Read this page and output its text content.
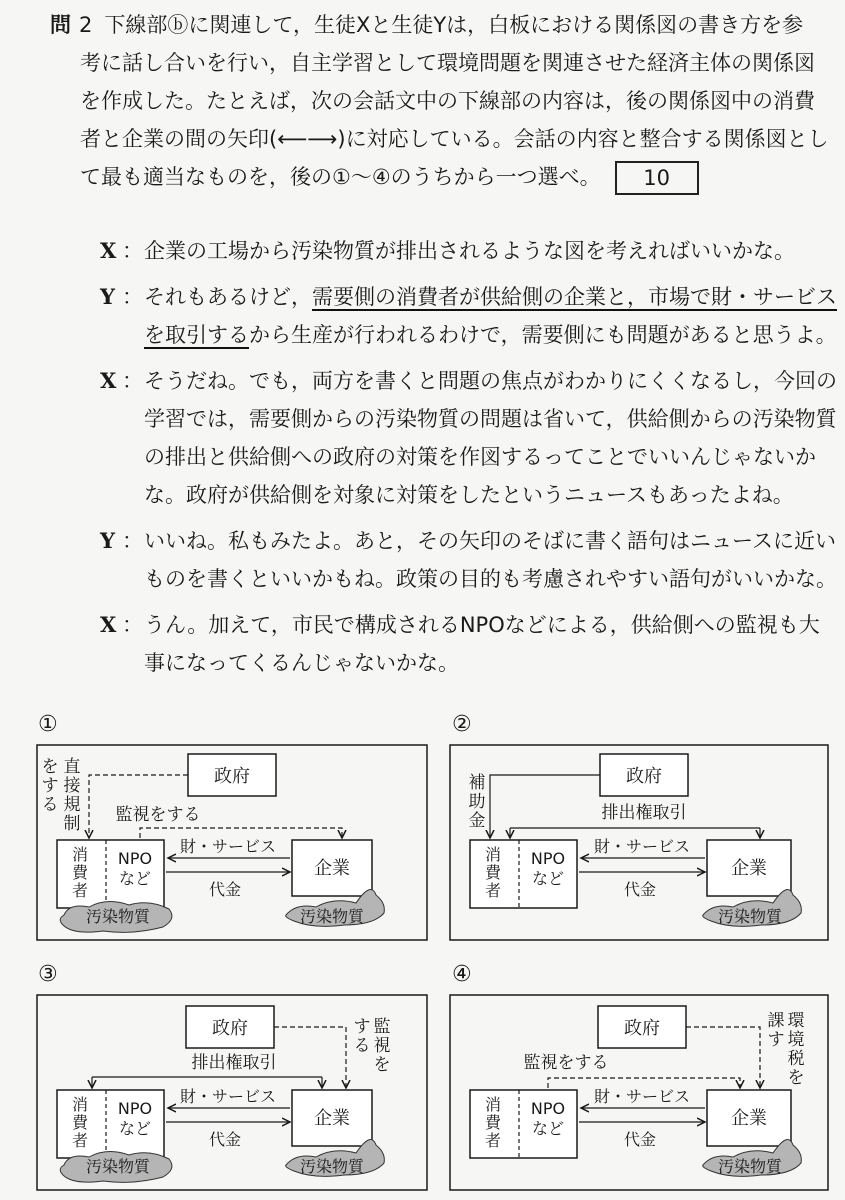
問 2 下線部ⓑに関連して，生徒Xと生徒Yは，白板における関係図の書き方を参
考に話し合いを行い，自主学習として環境問題を関連させた経済主体の関係図
を作成した。たとえば，次の会話文中の下線部の内容は，後の関係図中の消費
者と企業の間の矢印(⟵⟶)に対応している。会話の内容と整合する関係図とし
て最も適当なものを，後の①～④のうちから一つ選べ。 10
X ： 企業の工場から汚染物質が排出されるような図を考えればいいかな。
Y ： それもあるけど，需要側の消費者が供給側の企業と，市場で財・サービス
を取引するから生産が行われるわけで，需要側にも問題があると思うよ。
X ： そうだね。でも，両方を書くと問題の焦点がわかりにくくなるし，今回の
学習では，需要側からの汚染物質の問題は省いて，供給側からの汚染物質
の排出と供給側への政府の対策を作図するってことでいいんじゃないか
な。政府が供給側を対象に対策をしたというニュースもあったよね。
Y ： いいね。私もみたよ。あと，その矢印のそばに書く語句はニュースに近い
ものを書くといいかもね。政策の目的も考慮されやすい語句がいいかな。
X ： うん。加えて，市民で構成されるNPOなどによる，供給側への監視も大
事になってくるんじゃないかな。
①	②
③	④
政府
直接規制
をする	監視をする
消費者
NPO
など	企業
財・サービス
代金
汚染物質	汚染物質
政府
補助金	排出権取引
消費者
NPO
など	企業
財・サービス
代金
汚染物質
政府	監視を
する
排出権取引
消費者
NPO
など	企業
財・サービス
代金
汚染物質	汚染物質
政府	環境税を
課す
監視をする
消費者
NPO
など	企業
財・サービス
代金
汚染物質
